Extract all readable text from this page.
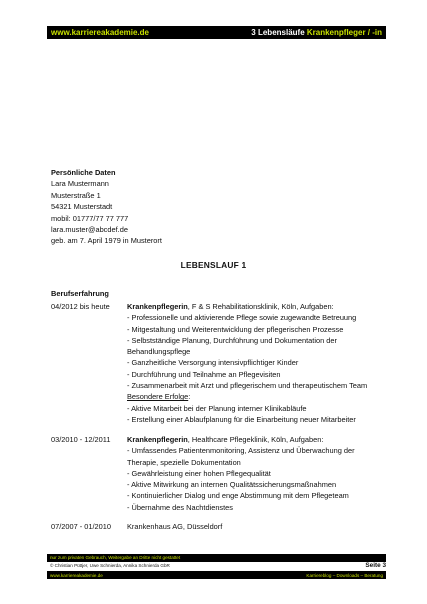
www.karriereakademie.de	3 Lebensläufe Krankenpfleger / -in
Persönliche Daten
Lara Mustermann
Musterstraße 1
54321 Musterstadt
mobil: 01777/77 77 777
lara.muster@abcdef.de
geb. am 7. April 1979 in Musterort
LEBENSLAUF 1
Berufserfahrung
04/2012 bis heute	Krankenpflegerin, F & S Rehabilitationsklinik, Köln, Aufgaben:
- Professionelle und aktivierende Pflege sowie zugewandte Betreuung
- Mitgestaltung und Weiterentwicklung der pflegerischen Prozesse
- Selbstständige Planung, Durchführung und Dokumentation der
Behandlungspflege
- Ganzheitliche Versorgung intensivpflichtiger Kinder
- Durchführung und Teilnahme an Pflegevisiten
- Zusammenarbeit mit Arzt und pflegerischem und therapeutischem Team
Besondere Erfolge:
- Aktive Mitarbeit bei der Planung interner Klinikabläufe
- Erstellung einer Ablaufplanung für die Einarbeitung neuer Mitarbeiter
03/2010 - 12/2011	Krankenpflegerin, Healthcare Pflegeklinik, Köln, Aufgaben:
- Umfassendes Patientenmonitoring, Assistenz und Überwachung der
Therapie, spezielle Dokumentation
- Gewährleistung einer hohen Pflegequalität
- Aktive Mitwirkung an internen Qualitätssicherungsmaßnahmen
- Kontinuierlicher Dialog und enge Abstimmung mit dem Pflegeteam
- Übernahme des Nachtdienstes
07/2007 - 01/2010	Krankenhaus AG, Düsseldorf
nur zum privaten Gebrauch, Weitergabe an Dritte nicht gestattet
© Christian Püttjer, Uwe Schnierda, Annika Schnierda GbR	Seite 3
www.karriereakademie.de	Karriereblog – Downloads – Beratung
